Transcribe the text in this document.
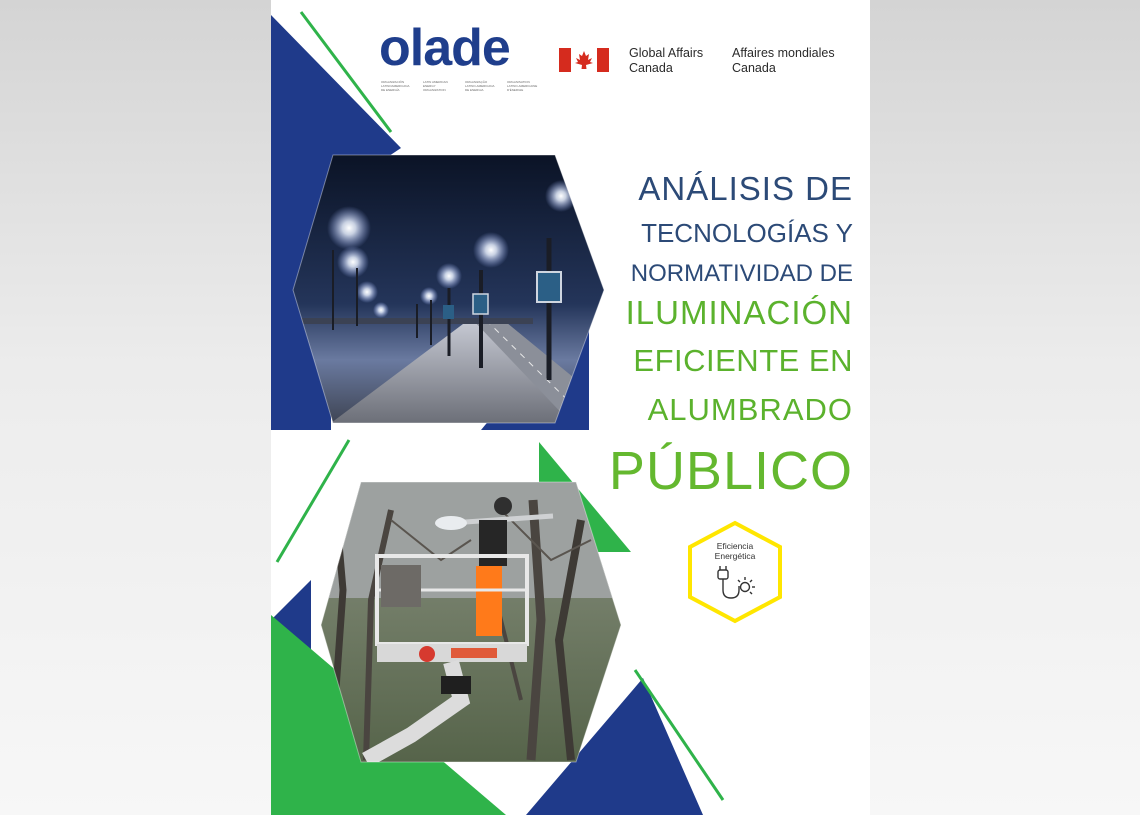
olade
ORGANIZACIÓN
LATINOAMERICANA
DE ENERGÍA
LATIN AMERICAN
ENERGY
ORGANIZATION
ORGANIZAÇÃO
LATINO-AMERICANA
DE ENERGIA
ORGANISATION
LATINO-AMERICAINE
D'ÉNERGIE
Global Affairs
Canada
Affaires mondiales
Canada
ANÁLISIS DE
TECNOLOGÍAS Y
NORMATIVIDAD DE
ILUMINACIÓN
EFICIENTE EN
ALUMBRADO
PÚBLICO
Eficiencia
Energética
